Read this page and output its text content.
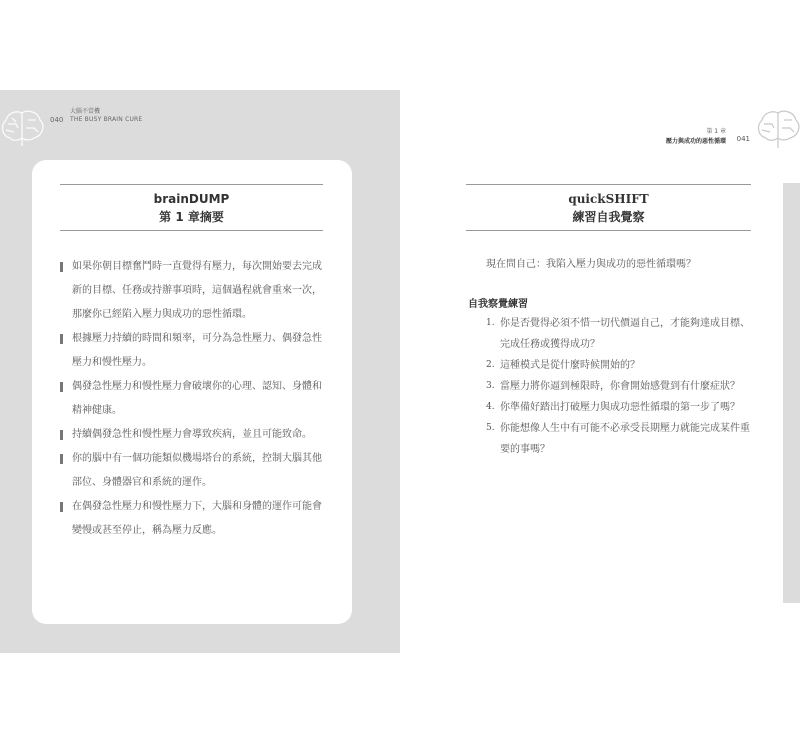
大腦不當機
040 THE BUSY BRAIN CURE
brainDUMP
第 1 章摘要
如果你朝目標奮鬥時一直覺得有壓力，每次開始要去完成新的目標、任務或持辦事項時，這個過程就會重來一次，那麼你已經陷入壓力與成功的惡性循環。
根據壓力持續的時間和頻率，可分為急性壓力、偶發急性壓力和慢性壓力。
偶發急性壓力和慢性壓力會破壞你的心理、認知、身體和精神健康。
持續偶發急性和慢性壓力會導致疾病，並且可能致命。
你的腦中有一個功能類似機場塔台的系統，控制大腦其他部位、身體器官和系統的運作。
在偶發急性壓力和慢性壓力下，大腦和身體的運作可能會變慢或甚至停止，稱為壓力反應。
第 1 章
壓力與成功的惡性循環 041
quickSHIFT
練習自我覺察
現在問自己：我陷入壓力與成功的惡性循環嗎？
自我察覺練習
1. 你是否覺得必須不惜一切代價逼自己，才能夠達成目標、完成任務或獲得成功？
2. 這種模式是從什麼時候開始的？
3. 當壓力將你逼到極限時，你會開始感覺到有什麼症狀？
4. 你準備好踏出打破壓力與成功惡性循環的第一步了嗎？
5. 你能想像人生中有可能不必承受長期壓力就能完成某件重要的事嗎？
